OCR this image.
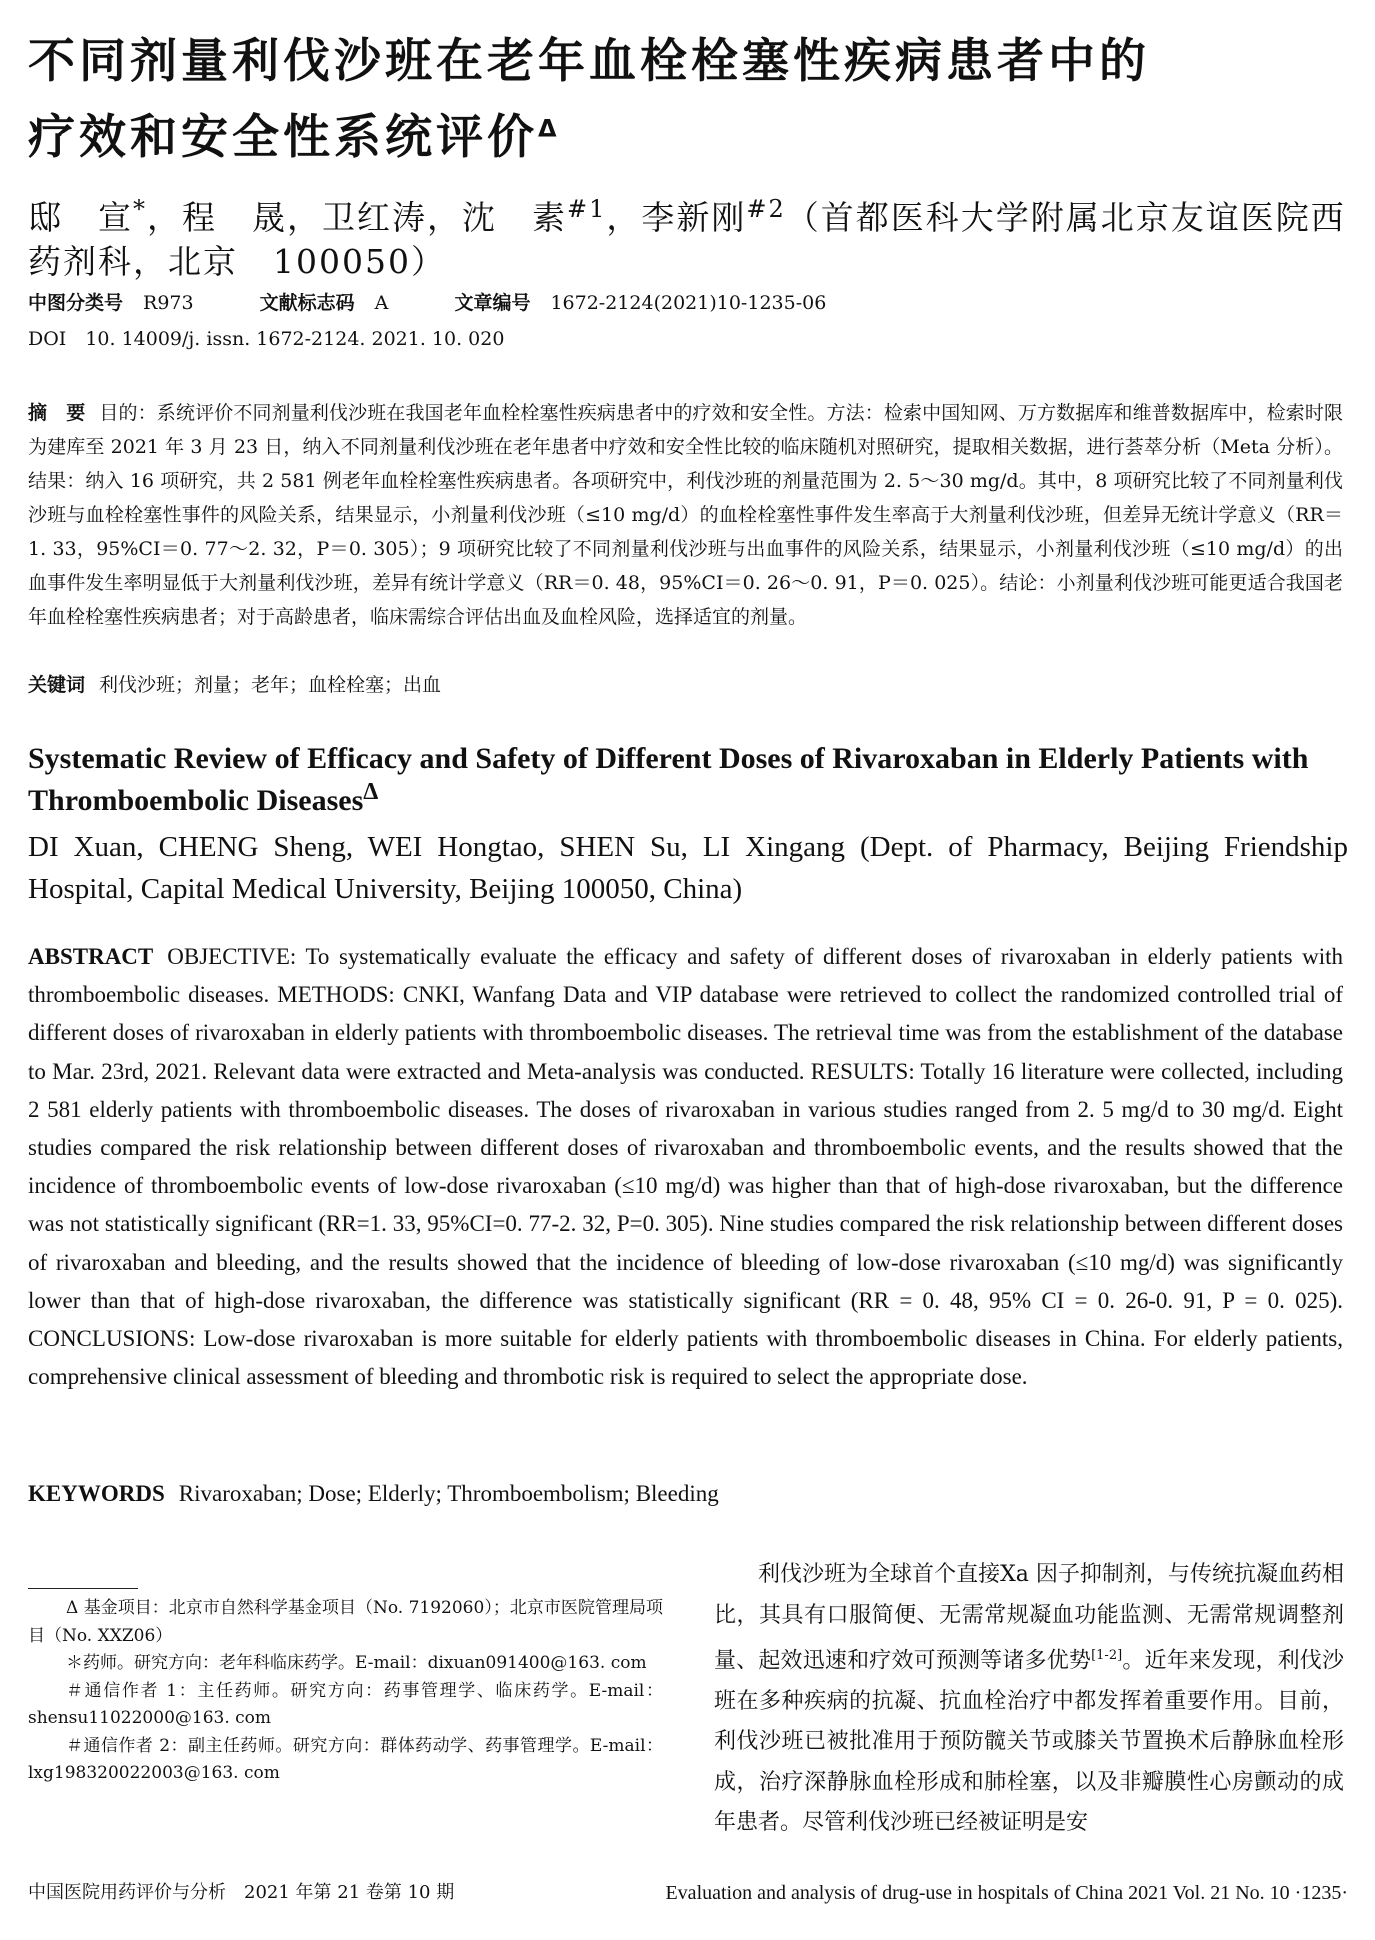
不同剂量利伐沙班在老年血栓栓塞性疾病患者中的
疗效和安全性系统评价$^\Delta$
邸　宣*，程　晟，卫红涛，沈　素$^{\#1}$，李新刚$^{\#2}$（首都医科大学附属北京友谊医院西药剂科，北京　100050）
中图分类号 R973	文献标志码 A	文章编号 1672-2124(2021)10-1235-06
DOI　10. 14009/j. issn. 1672-2124. 2021. 10. 020
摘　要 目的：系统评价不同剂量利伐沙班在我国老年血栓栓塞性疾病患者中的疗效和安全性。方法：检索中国知网、万方数据库和维普数据库中，检索时限为建库至 2021 年 3 月 23 日，纳入不同剂量利伐沙班在老年患者中疗效和安全性比较的临床随机对照研究，提取相关数据，进行荟萃分析（Meta 分析）。结果：纳入 16 项研究，共 2 581 例老年血栓栓塞性疾病患者。各项研究中，利伐沙班的剂量范围为 2. 5～30 mg/d。其中，8 项研究比较了不同剂量利伐沙班与血栓栓塞性事件的风险关系，结果显示，小剂量利伐沙班（≤10 mg/d）的血栓栓塞性事件发生率高于大剂量利伐沙班，但差异无统计学意义（RR＝1. 33，95%CI＝0. 77～2. 32，P＝0. 305）；9 项研究比较了不同剂量利伐沙班与出血事件的风险关系，结果显示，小剂量利伐沙班（≤10 mg/d）的出血事件发生率明显低于大剂量利伐沙班，差异有统计学意义（RR＝0. 48，95%CI＝0. 26～0. 91，P＝0. 025）。结论：小剂量利伐沙班可能更适合我国老年血栓栓塞性疾病患者；对于高龄患者，临床需综合评估出血及血栓风险，选择适宜的剂量。
关键词 利伐沙班；剂量；老年；血栓栓塞；出血
Systematic Review of Efficacy and Safety of Different Doses of Rivaroxaban in Elderly Patients with Thromboembolic Diseases$^\Delta$
DI Xuan, CHENG Sheng, WEI Hongtao, SHEN Su, LI Xingang (Dept. of Pharmacy, Beijing Friendship Hospital, Capital Medical University, Beijing 100050, China)
ABSTRACT OBJECTIVE: To systematically evaluate the efficacy and safety of different doses of rivaroxaban in elderly patients with thromboembolic diseases. METHODS: CNKI, Wanfang Data and VIP database were retrieved to collect the randomized controlled trial of different doses of rivaroxaban in elderly patients with thromboembolic diseases. The retrieval time was from the establishment of the database to Mar. 23rd, 2021. Relevant data were extracted and Meta-analysis was conducted. RESULTS: Totally 16 literature were collected, including 2 581 elderly patients with thromboembolic diseases. The doses of rivaroxaban in various studies ranged from 2. 5 mg/d to 30 mg/d. Eight studies compared the risk relationship between different doses of rivaroxaban and thromboembolic events, and the results showed that the incidence of thromboembolic events of low-dose rivaroxaban (≤10 mg/d) was higher than that of high-dose rivaroxaban, but the difference was not statistically significant (RR=1. 33, 95%CI=0. 77-2. 32, P=0. 305). Nine studies compared the risk relationship between different doses of rivaroxaban and bleeding, and the results showed that the incidence of bleeding of low-dose rivaroxaban (≤10 mg/d) was significantly lower than that of high-dose rivaroxaban, the difference was statistically significant (RR = 0. 48, 95% CI = 0. 26-0. 91, P = 0. 025). CONCLUSIONS: Low-dose rivaroxaban is more suitable for elderly patients with thromboembolic diseases in China. For elderly patients, comprehensive clinical assessment of bleeding and thrombotic risk is required to select the appropriate dose.
KEYWORDS Rivaroxaban; Dose; Elderly; Thromboembolism; Bleeding

Δ 基金项目：北京市自然科学基金项目（No. 7192060）；北京市医院管理局项目（No. XXZ06）

＊药师。研究方向：老年科临床药学。E-mail：dixuan091400@163. com

＃通信作者 1：主任药师。研究方向：药事管理学、临床药学。E-mail：shensu11022000@163. com

＃通信作者 2：副主任药师。研究方向：群体药动学、药事管理学。E-mail：lxg198320022003@163. com

利伐沙班为全球首个直接Ⅹa 因子抑制剂，与传统抗凝血药相比，其具有口服简便、无需常规凝血功能监测、无需常规调整剂量、起效迅速和疗效可预测等诸多优势[1-2]。近年来发现，利伐沙班在多种疾病的抗凝、抗血栓治疗中都发挥着重要作用。目前，利伐沙班已被批准用于预防髋关节或膝关节置换术后静脉血栓形成，治疗深静脉血栓形成和肺栓塞，以及非瓣膜性心房颤动的成年患者。尽管利伐沙班已经被证明是安
中国医院用药评价与分析　2021 年第 21 卷第 10 期	Evaluation and analysis of drug-use in hospitals of China 2021 Vol. 21 No. 10 ·1235·
